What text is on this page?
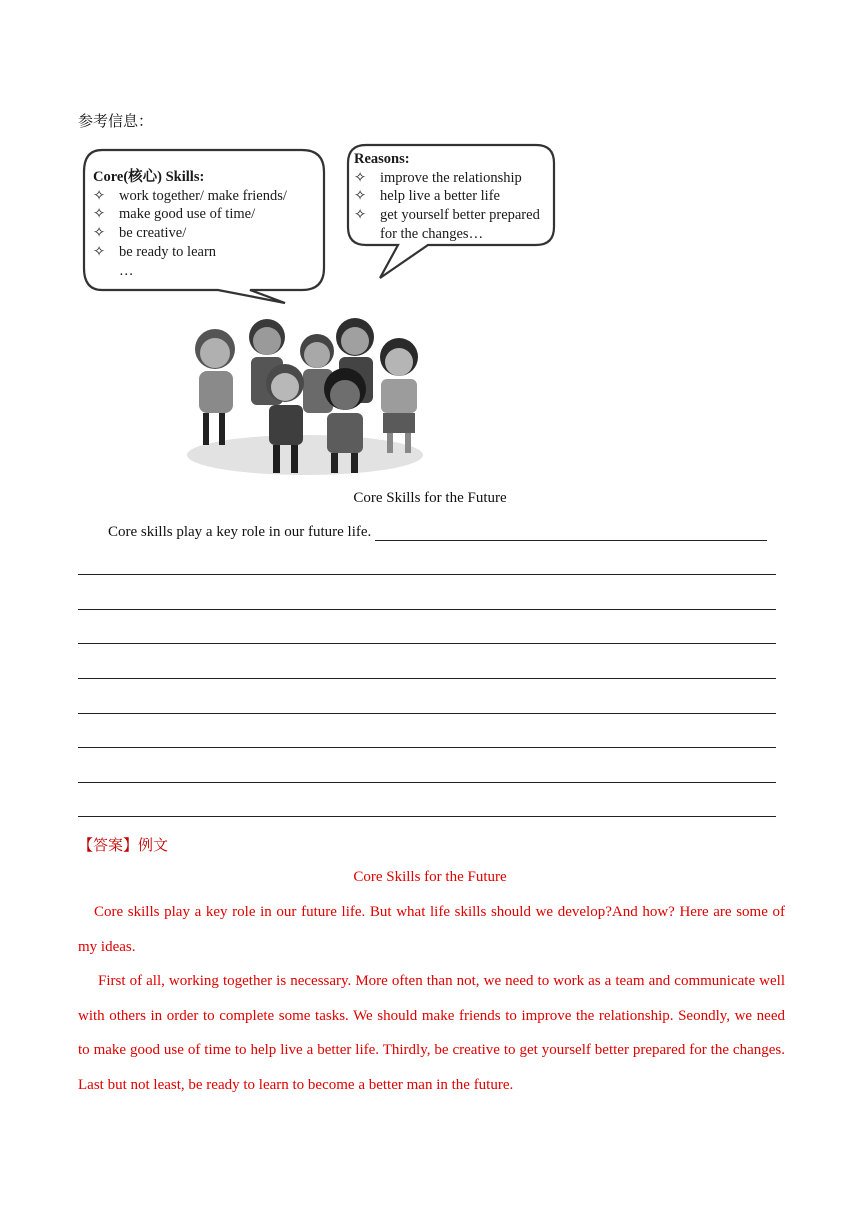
参考信息：
Core(核心) Skills:
✧ work together/ make friends/
✧ make good use of time/
✧ be creative/
✧ be ready to learn
…
Reasons:
✧ improve the relationship
✧ help live a better life
✧ get yourself better prepared
for the changes…
Core Skills for the Future
Core skills play a key role in our future life.
【答案】例文
Core Skills for the Future
Core skills play a key role in our future life. But what life skills should we develop?And how? Here are some of my ideas.
First of all, working together is necessary. More often than not, we need to work as a team and communicate well with others in order to complete some tasks. We should make friends to improve the relationship. Seondly, we need to make good use of time to help live a better life. Thirdly, be creative to get yourself better prepared for the changes. Last but not least, be ready to learn to become a better man in the future.
